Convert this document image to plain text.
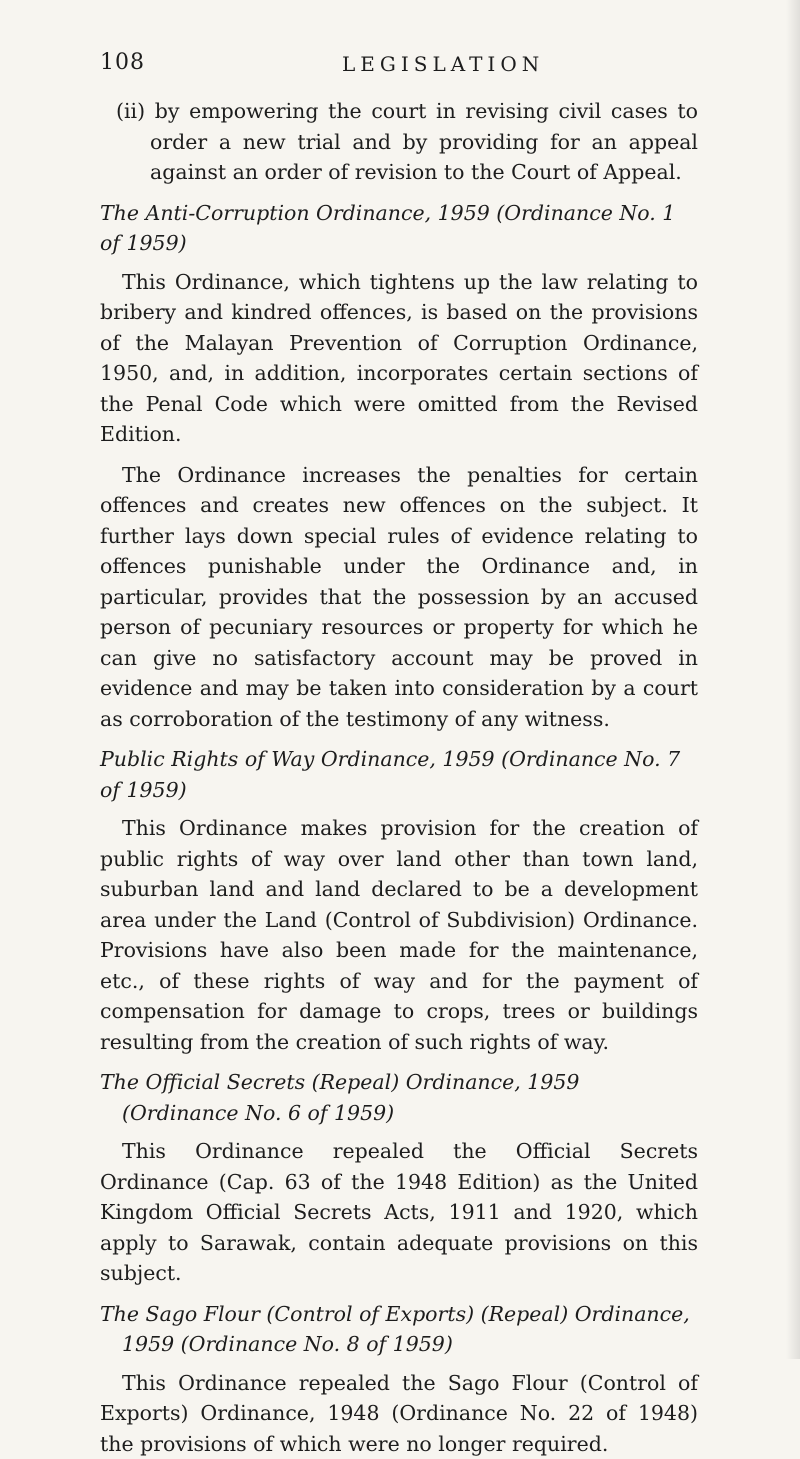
108	LEGISLATION

(ii) by empowering the court in revising civil cases to order a new trial and by providing for an appeal against an order of revision to the Court of Appeal.

The Anti-Corruption Ordinance, 1959 (Ordinance No. 1 of 1959)

This Ordinance, which tightens up the law relating to bribery and kindred offences, is based on the provisions of the Malayan Prevention of Corruption Ordinance, 1950, and, in addition, incorporates certain sections of the Penal Code which were omitted from the Revised Edition.

The Ordinance increases the penalties for certain offences and creates new offences on the subject. It further lays down special rules of evidence relating to offences punishable under the Ordinance and, in particular, provides that the possession by an accused person of pecuniary resources or property for which he can give no satisfactory account may be proved in evidence and may be taken into consideration by a court as corroboration of the testimony of any witness.

Public Rights of Way Ordinance, 1959 (Ordinance No. 7 of 1959)

This Ordinance makes provision for the creation of public rights of way over land other than town land, suburban land and land declared to be a development area under the Land (Control of Subdivision) Ordinance. Provisions have also been made for the maintenance, etc., of these rights of way and for the payment of compensation for damage to crops, trees or buildings resulting from the creation of such rights of way.

The Official Secrets (Repeal) Ordinance, 1959 (Ordinance No. 6 of 1959)

This Ordinance repealed the Official Secrets Ordinance (Cap. 63 of the 1948 Edition) as the United Kingdom Official Secrets Acts, 1911 and 1920, which apply to Sarawak, contain adequate provisions on this subject.

The Sago Flour (Control of Exports) (Repeal) Ordinance, 1959 (Ordinance No. 8 of 1959)

This Ordinance repealed the Sago Flour (Control of Exports) Ordinance, 1948 (Ordinance No. 22 of 1948) the provisions of which were no longer required.
